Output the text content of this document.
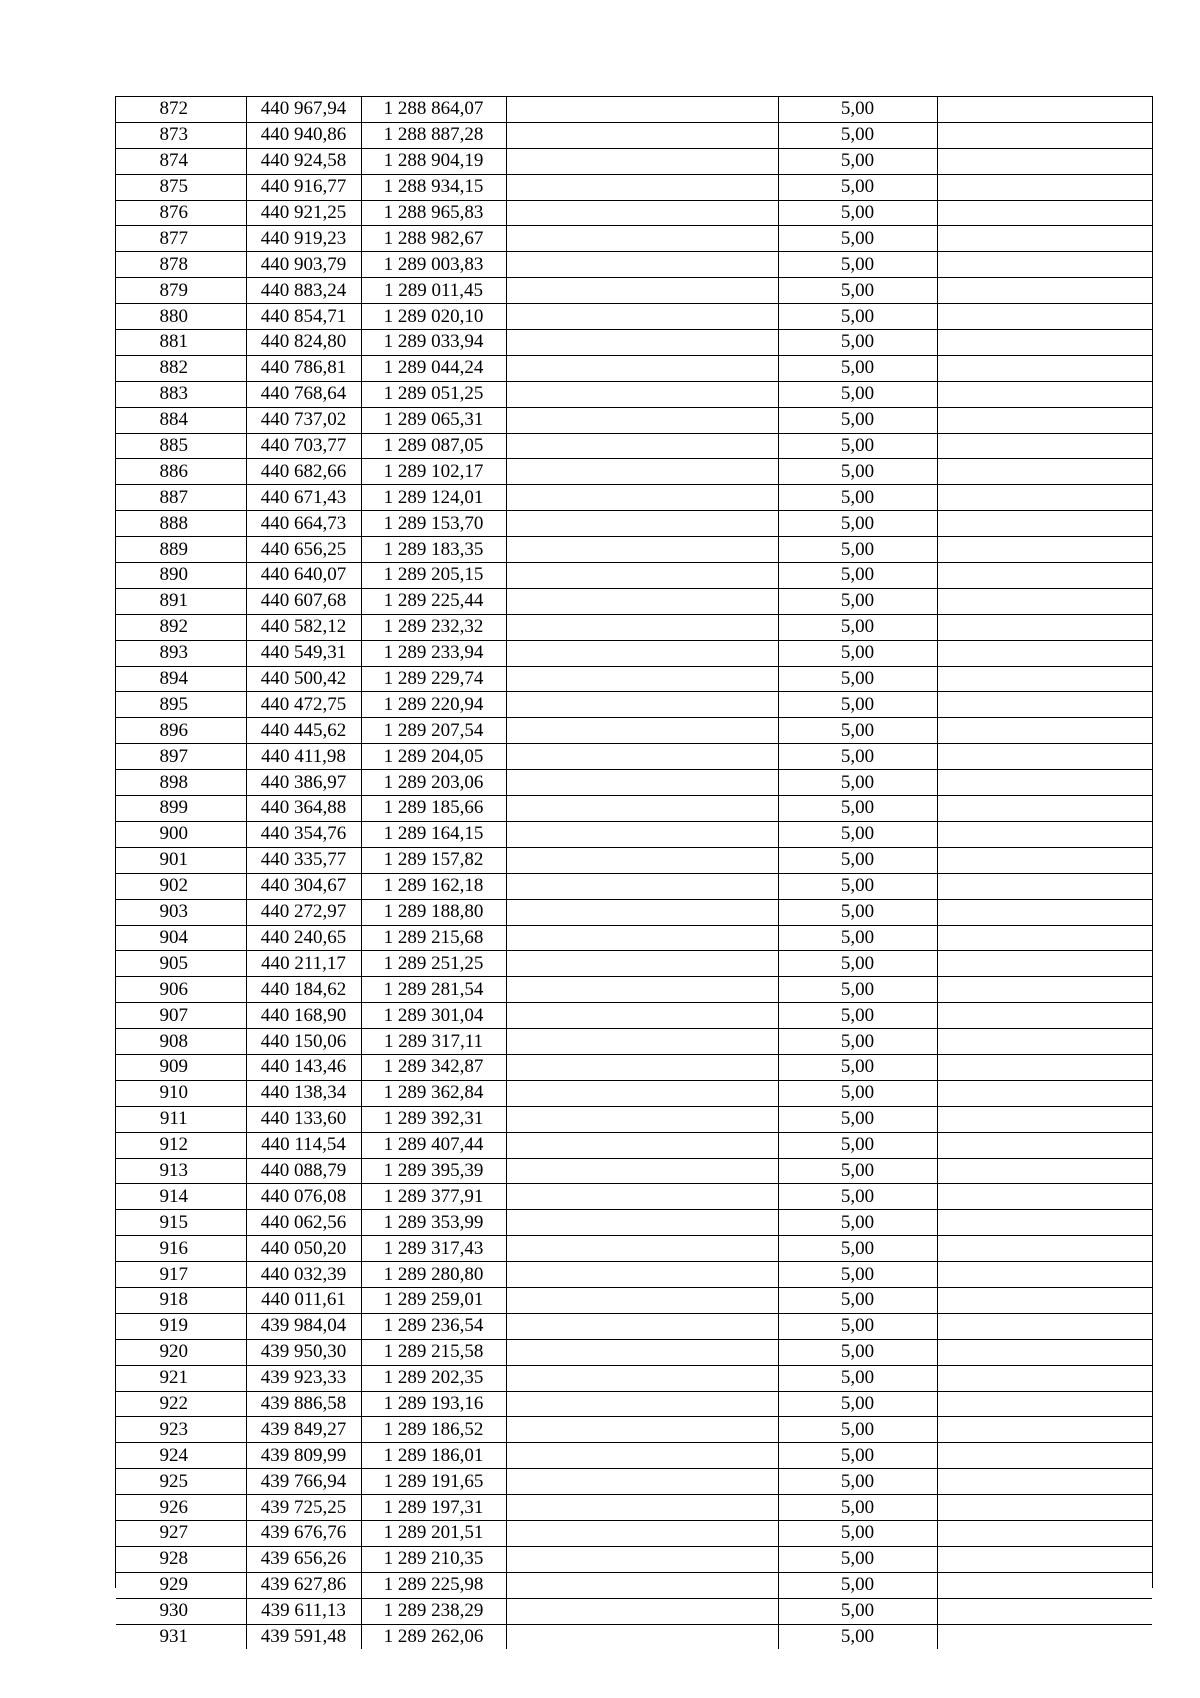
872	440 967,94	1 288 864,07		5,00	
873	440 940,86	1 288 887,28		5,00	
874	440 924,58	1 288 904,19		5,00	
875	440 916,77	1 288 934,15		5,00	
876	440 921,25	1 288 965,83		5,00	
877	440 919,23	1 288 982,67		5,00	
878	440 903,79	1 289 003,83		5,00	
879	440 883,24	1 289 011,45		5,00	
880	440 854,71	1 289 020,10		5,00	
881	440 824,80	1 289 033,94		5,00	
882	440 786,81	1 289 044,24		5,00	
883	440 768,64	1 289 051,25		5,00	
884	440 737,02	1 289 065,31		5,00	
885	440 703,77	1 289 087,05		5,00	
886	440 682,66	1 289 102,17		5,00	
887	440 671,43	1 289 124,01		5,00	
888	440 664,73	1 289 153,70		5,00	
889	440 656,25	1 289 183,35		5,00	
890	440 640,07	1 289 205,15		5,00	
891	440 607,68	1 289 225,44		5,00	
892	440 582,12	1 289 232,32		5,00	
893	440 549,31	1 289 233,94		5,00	
894	440 500,42	1 289 229,74		5,00	
895	440 472,75	1 289 220,94		5,00	
896	440 445,62	1 289 207,54		5,00	
897	440 411,98	1 289 204,05		5,00	
898	440 386,97	1 289 203,06		5,00	
899	440 364,88	1 289 185,66		5,00	
900	440 354,76	1 289 164,15		5,00	
901	440 335,77	1 289 157,82		5,00	
902	440 304,67	1 289 162,18		5,00	
903	440 272,97	1 289 188,80		5,00	
904	440 240,65	1 289 215,68		5,00	
905	440 211,17	1 289 251,25		5,00	
906	440 184,62	1 289 281,54		5,00	
907	440 168,90	1 289 301,04		5,00	
908	440 150,06	1 289 317,11		5,00	
909	440 143,46	1 289 342,87		5,00	
910	440 138,34	1 289 362,84		5,00	
911	440 133,60	1 289 392,31		5,00	
912	440 114,54	1 289 407,44		5,00	
913	440 088,79	1 289 395,39		5,00	
914	440 076,08	1 289 377,91		5,00	
915	440 062,56	1 289 353,99		5,00	
916	440 050,20	1 289 317,43		5,00	
917	440 032,39	1 289 280,80		5,00	
918	440 011,61	1 289 259,01		5,00	
919	439 984,04	1 289 236,54		5,00	
920	439 950,30	1 289 215,58		5,00	
921	439 923,33	1 289 202,35		5,00	
922	439 886,58	1 289 193,16		5,00	
923	439 849,27	1 289 186,52		5,00	
924	439 809,99	1 289 186,01		5,00	
925	439 766,94	1 289 191,65		5,00	
926	439 725,25	1 289 197,31		5,00	
927	439 676,76	1 289 201,51		5,00	
928	439 656,26	1 289 210,35		5,00	
929	439 627,86	1 289 225,98		5,00	
930	439 611,13	1 289 238,29		5,00	
931	439 591,48	1 289 262,06		5,00	
